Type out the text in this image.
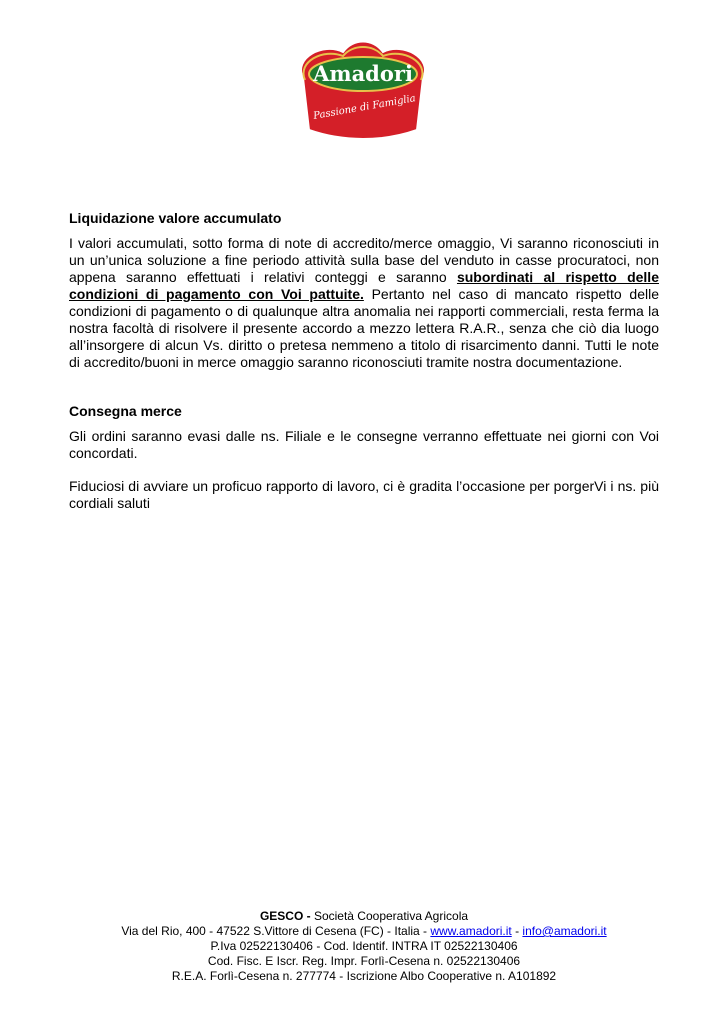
Amadori
Passione di Famiglia

Liquidazione valore accumulato

I valori accumulati, sotto forma di note di accredito/merce omaggio, Vi saranno riconosciuti in un un’unica soluzione a fine periodo attività sulla base del venduto in casse procuratoci, non appena saranno effettuati i relativi conteggi e saranno subordinati al rispetto delle condizioni di pagamento con Voi pattuite. Pertanto nel caso di mancato rispetto delle condizioni di pagamento o di qualunque altra anomalia nei rapporti commerciali, resta ferma la nostra facoltà di risolvere il presente accordo a mezzo lettera R.A.R., senza che ciò dia luogo all’insorgere di alcun Vs. diritto o pretesa nemmeno a titolo di risarcimento danni. Tutti le note di accredito/buoni in merce omaggio saranno riconosciuti tramite nostra documentazione.

Consegna merce

Gli ordini saranno evasi dalle ns. Filiale e le consegne verranno effettuate nei giorni con Voi concordati.

Fiduciosi di avviare un proficuo rapporto di lavoro, ci è gradita l’occasione per porgerVi i ns. più cordiali saluti

GESCO - Società Cooperativa Agricola
Via del Rio, 400 - 47522 S.Vittore di Cesena (FC) - Italia - www.amadori.it - info@amadori.it
P.Iva 02522130406 - Cod. Identif. INTRA IT 02522130406
Cod. Fisc. E Iscr. Reg. Impr. Forlì-Cesena n. 02522130406
R.E.A. Forlì-Cesena n. 277774 - Iscrizione Albo Cooperative n. A101892
